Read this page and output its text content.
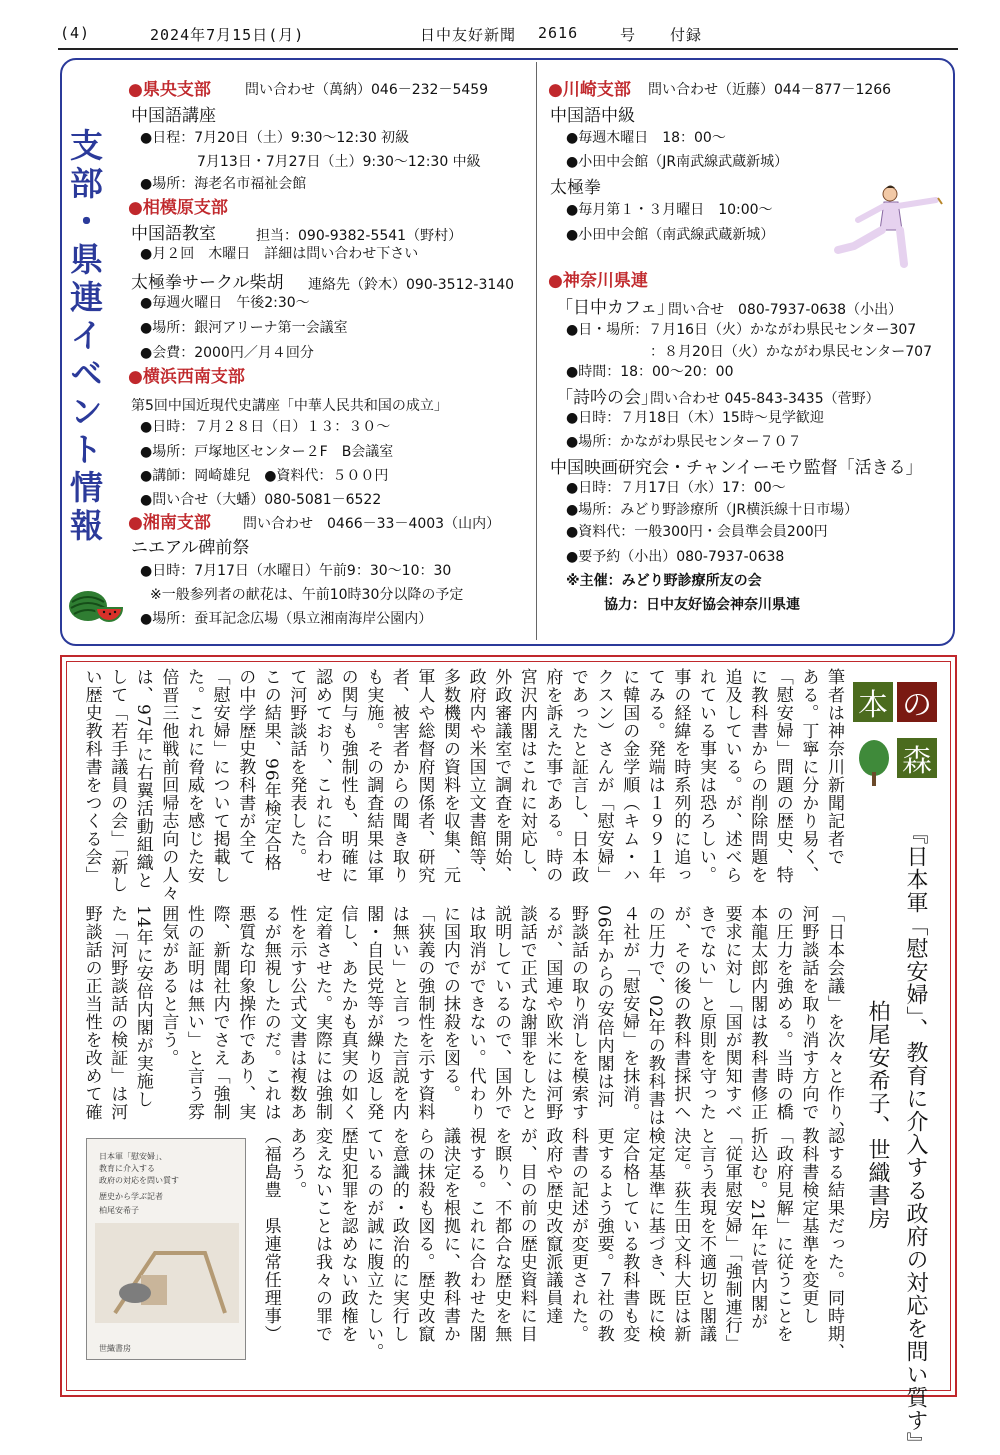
(4)	2024年7月15日(月)	日中友好新聞 2616	号 付録
支部・県連イベント情報
●県央支部 問い合わせ（萬納）046－232－5459
中国語講座
●日程：7月20日（土）9:30～12:30 初級
7月13日・7月27日（土）9:30～12:30 中級
●場所：海老名市福祉会館
●相模原支部
中国語教室	担当：090-9382-5541（野村）
●月２回　木曜日　詳細は問い合わせ下さい
太極拳サークル柴胡 連絡先（鈴木）090-3512-3140
●毎週火曜日　午後2:30～
●場所：銀河アリーナ第一会議室
●会費：2000円／月４回分
●横浜西南支部
第5回中国近現代史講座「中華人民共和国の成立」
●日時：７月２８日（日）１３：３０～
●場所：戸塚地区センター２F　B会議室
●講師：岡崎雄兒　●資料代：５００円
●問い合せ（大蟠）080-5081－6522
●湘南支部 問い合わせ　0466－33－4003（山内）
ニエアル碑前祭
●日時：7月17日（水曜日）午前9：30～10：30
※一般参列者の献花は、午前10時30分以降の予定
●場所：蚕耳記念広場（県立湘南海岸公園内）
●川崎支部 問い合わせ（近藤）044－877－1266
中国語中級
●毎週木曜日　18：00～
●小田中会館（JR南武線武蔵新城）
太極拳
●毎月第１・３月曜日　10:00～
●小田中会館（南武線武蔵新城）
●神奈川県連
「日中カフェ」
問い合せ　080-7937-0638（小出）
●日・場所：７月16日（火）かながわ県民センター307
：８月20日（火）かながわ県民センター707
●時間：18：00～20：00
「詩吟の会」
問い合わせ 045-843-3435（菅野）
●日時：７月18日（木）15時～見学歓迎
●場所：かながわ県民センター７０７
中国映画研究会・チャンイーモウ監督「活きる」
●日時：７月17日（水）17：00～
●場所：みどり野診療所（JR横浜線十日市場）
●資料代：一般300円・会員準会員200円
●要予約（小出）080-7937-0638
※主催：みどり野診療所友の会
協力：日中友好協会神奈川県連
本 の
森
『日本軍「慰安婦」、教育に介入する政府の対応を問い質す』
柏尾安希子、世織書房
筆者は神奈川新聞記者で
ある。丁寧に分かり易く、
「慰安婦」問題の歴史、特
に教科書からの削除問題を
追及している。が、述べら
れている事実は恐ろしい。
事の経緯を時系列的に追っ
てみる。発端は１９９１年
に韓国の金学順（キム・ハ
クスン）さんが「慰安婦」
であったと証言し、日本政
府を訴えた事である。時の
宮沢内閣はこれに対応し、
外政審議室で調査を開始、
政府内や米国立文書館等、
多数機関の資料を収集、元
軍人や総督府関係者、研究
者、被害者からの聞き取り
も実施。その調査結果は軍
の関与も強制性も、明確に
認めており、これに合わせ
て河野談話を発表した。
この結果、96年検定合格
の中学歴史教科書が全て
「慰安婦」について掲載し
た。これに脅威を感じた安
倍晋三他戦前回帰志向の人々
は、97年に右翼活動組織と
して「若手議員の会」「新し
い歴史教科書をつくる会」
「日本会議」を次々と作り、
河野談話を取り消す方向で
の圧力を強める。当時の橋
本龍太郎内閣は教科書修正
要求に対し「国が関知すべ
きでない」と原則を守った
が、その後の教科書採択へ
の圧力で、02年の教科書は
４社が「慰安婦」を抹消。
06年からの安倍内閣は河
野談話の取り消しを模索す
るが、国連や欧米には河野
談話で正式な謝罪をしたと
説明しているので、国外で
は取消ができない。代わり
に国内での抹殺を図る。
「狭義の強制性を示す資料
は無い」と言った言説を内
閣・自民党等が繰り返し発
信し、あたかも真実の如く
定着させた。実際には強制
性を示す公式文書は複数あ
るが無視したのだ。これは
悪質な印象操作であり、実
際、新聞社内でさえ「強制
性の証明は無い」と言う雰
囲気があると言う。
14年に安倍内閣が実施し
た「河野談話の検証」は河
野談話の正当性を改めて確
認する結果だった。同時期、
教科書検定基準を変更し
「政府見解」に従うことを
折込む。21年に菅内閣が
「従軍慰安婦」「強制連行」
と言う表現を不適切と閣議
決定。荻生田文科大臣は新
検定基準に基づき、既に検
定合格している教科書も変
更するよう強要。７社の教
科書の記述が変更された。
政府や歴史改竄派議員達
が、目の前の歴史資料に目
を瞑り、不都合な歴史を無
視する。これに合わせた閣
議決定を根拠に、教科書か
らの抹殺も図る。歴史改竄
を意識的・政治的に実行し
ているのが誠に腹立たしい。
歴史犯罪を認めない政権を
変えないことは我々の罪で
あろう。
（福島豊　県連常任理事）
日本軍「慰安婦」、
教育に介入する
政府の対応を問い質す
歴史から学ぶ記者
柏尾安希子
世織書房
